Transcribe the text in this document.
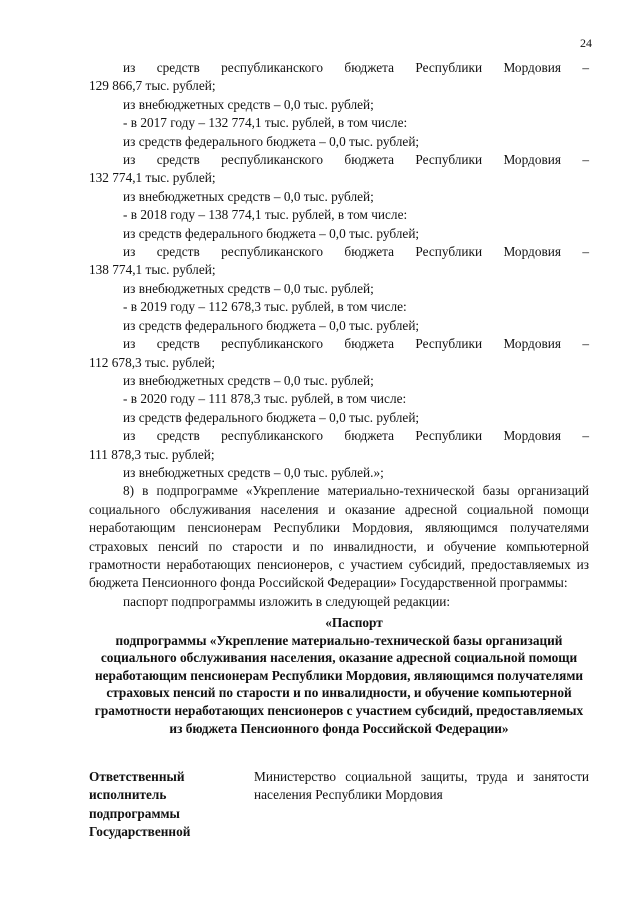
24

из средств республиканского бюджета Республики Мордовия –

129 866,7 тыс. рублей;

из внебюджетных средств – 0,0 тыс. рублей;

- в 2017 году – 132 774,1 тыс. рублей, в том числе:

из средств федерального бюджета – 0,0 тыс. рублей;

из средств республиканского бюджета Республики Мордовия –

132 774,1 тыс. рублей;

из внебюджетных средств – 0,0 тыс. рублей;

- в 2018 году – 138 774,1 тыс. рублей, в том числе:

из средств федерального бюджета – 0,0 тыс. рублей;

из средств республиканского бюджета Республики Мордовия –

138 774,1 тыс. рублей;

из внебюджетных средств – 0,0 тыс. рублей;

- в 2019 году – 112 678,3 тыс. рублей, в том числе:

из средств федерального бюджета – 0,0 тыс. рублей;

из средств республиканского бюджета Республики Мордовия –

112 678,3 тыс. рублей;

из внебюджетных средств – 0,0 тыс. рублей;

- в 2020 году – 111 878,3 тыс. рублей, в том числе:

из средств федерального бюджета – 0,0 тыс. рублей;

из средств республиканского бюджета Республики Мордовия –

111 878,3 тыс. рублей;

из внебюджетных средств – 0,0 тыс. рублей.»;

8) в подпрограмме «Укрепление материально-технической базы организаций социального обслуживания населения и оказание адресной социальной помощи неработающим пенсионерам Республики Мордовия, являющимся получателями страховых пенсий по старости и по инвалидности, и обучение компьютерной грамотности неработающих пенсионеров, с участием субсидий, предоставляемых из бюджета Пенсионного фонда Российской Федерации» Государственной программы:

паспорт подпрограммы изложить в следующей редакции:

«Паспорт

подпрограммы «Укрепление материально-технической базы организаций социального обслуживания населения, оказание адресной социальной помощи неработающим пенсионерам Республики Мордовия, являющимся получателями страховых пенсий по старости и по инвалидности, и обучение компьютерной грамотности неработающих пенсионеров с участием субсидий, предоставляемых из бюджета Пенсионного фонда Российской Федерации»

Ответственный исполнитель подпрограммы Государственной
Министерство социальной защиты, труда и занятости населения Республики Мордовия
